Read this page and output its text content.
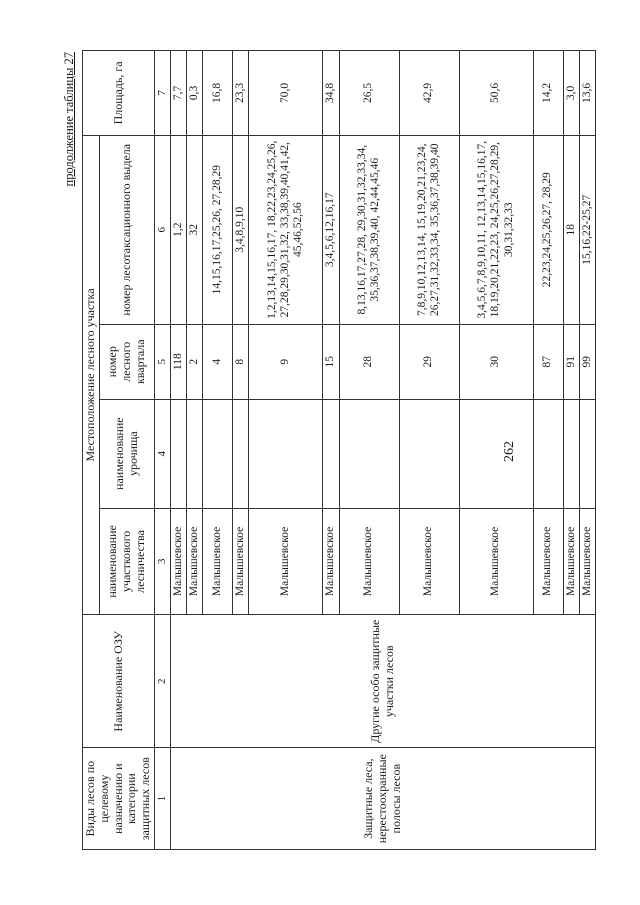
262
продолжение таблицы 27
Виды лесов по целевому назначению и категории защитных лесов	Наименование ОЗУ	Местоположение лесного участка				Площадь, га
		наименование участкового лесничества	наименование урочища	номер лесного квартала	номер лесотаксационного выдела	
1	2	3	4	5	6	7
Защитные леса, нерестоохранные полосы лесов	Другие особо защитные участки лесов	Малышевское		118	1,2	7,7
		Малышевское		2	32	0,3
		Малышевское		4	14,15,16,17,25,26, 27,28,29	16,8
		Малышевское		8	3,4,8,9,10	23,3
		Малышевское		9	1,2,13,14,15,16,17, 18,22,23,24,25,26, 27,28,29,30,31,32, 33,38,39,40,41,42, 45,46,52,56	70,0
		Малышевское		15	3,4,5,6,12,16,17	34,8
		Малышевское		28	8,13,16,17,27,28, 29,30,31,32,33,34, 35,36,37,38,39,40, 42,44,45,46	26,5
		Малышевское		29	7,8,9,10,12,13,14, 15,19,20,21,23,24, 26,27,31,32,33,34, 35,36,37,38,39,40	42,9
		Малышевское		30	3,4,5,6,7,8,9,10,11, 12,13,14,15,16,17, 18,19,20,21,22,23, 24,25,26,27,28,29, 30,31,32,33	50,6
		Малышевское		87	22,23,24,25,26,27, 28,29	14,2
		Малышевское		91	18	3,0
		Малышевское		99	15,16,22-25,27	13,6
